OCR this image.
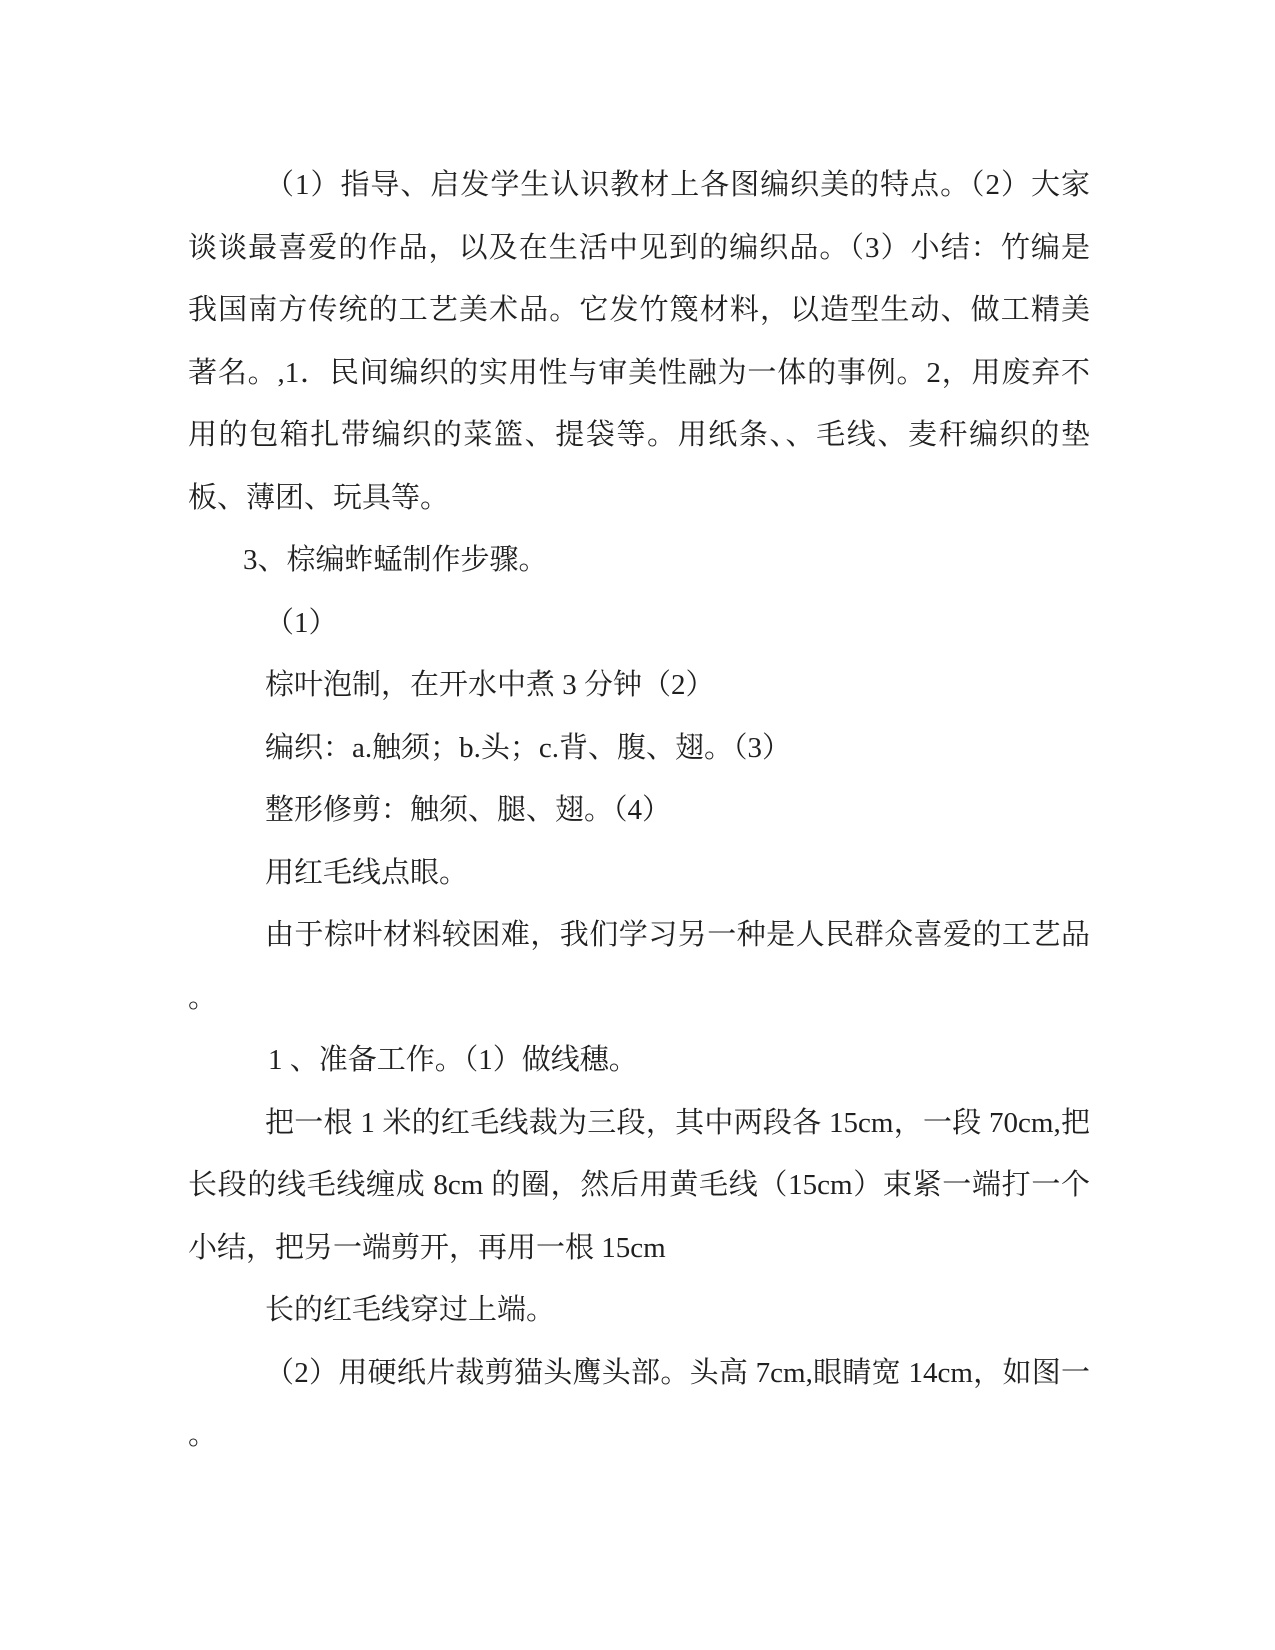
（1）指导、启发学生认识教材上各图编织美的特点。（2）大家
谈谈最喜爱的作品，以及在生活中见到的编织品。（3）小结：竹编是
我国南方传统的工艺美术品。它发竹篾材料，以造型生动、做工精美
著名。,1．民间编织的实用性与审美性融为一体的事例。2，用废弃不
用的包箱扎带编织的菜篮、提袋等。用纸条、、毛线、麦秆编织的垫
板、薄团、玩具等。
3、棕编蚱蜢制作步骤。
（1）
棕叶泡制，在开水中煮 3 分钟（2）
编织：a.触须；b.头；c.背、腹、翅。（3）
整形修剪：触须、腿、翅。（4）
用红毛线点眼。
由于棕叶材料较困难，我们学习另一种是人民群众喜爱的工艺品
。
1 、准备工作。（1）做线穗。
把一根 1 米的红毛线裁为三段，其中两段各 15cm，一段 70cm,把
长段的线毛线缠成 8cm 的圈，然后用黄毛线（15cm）束紧一端打一个
小结，把另一端剪开，再用一根 15cm
长的红毛线穿过上端。
（2）用硬纸片裁剪猫头鹰头部。头高 7cm,眼睛宽 14cm，如图一
。
